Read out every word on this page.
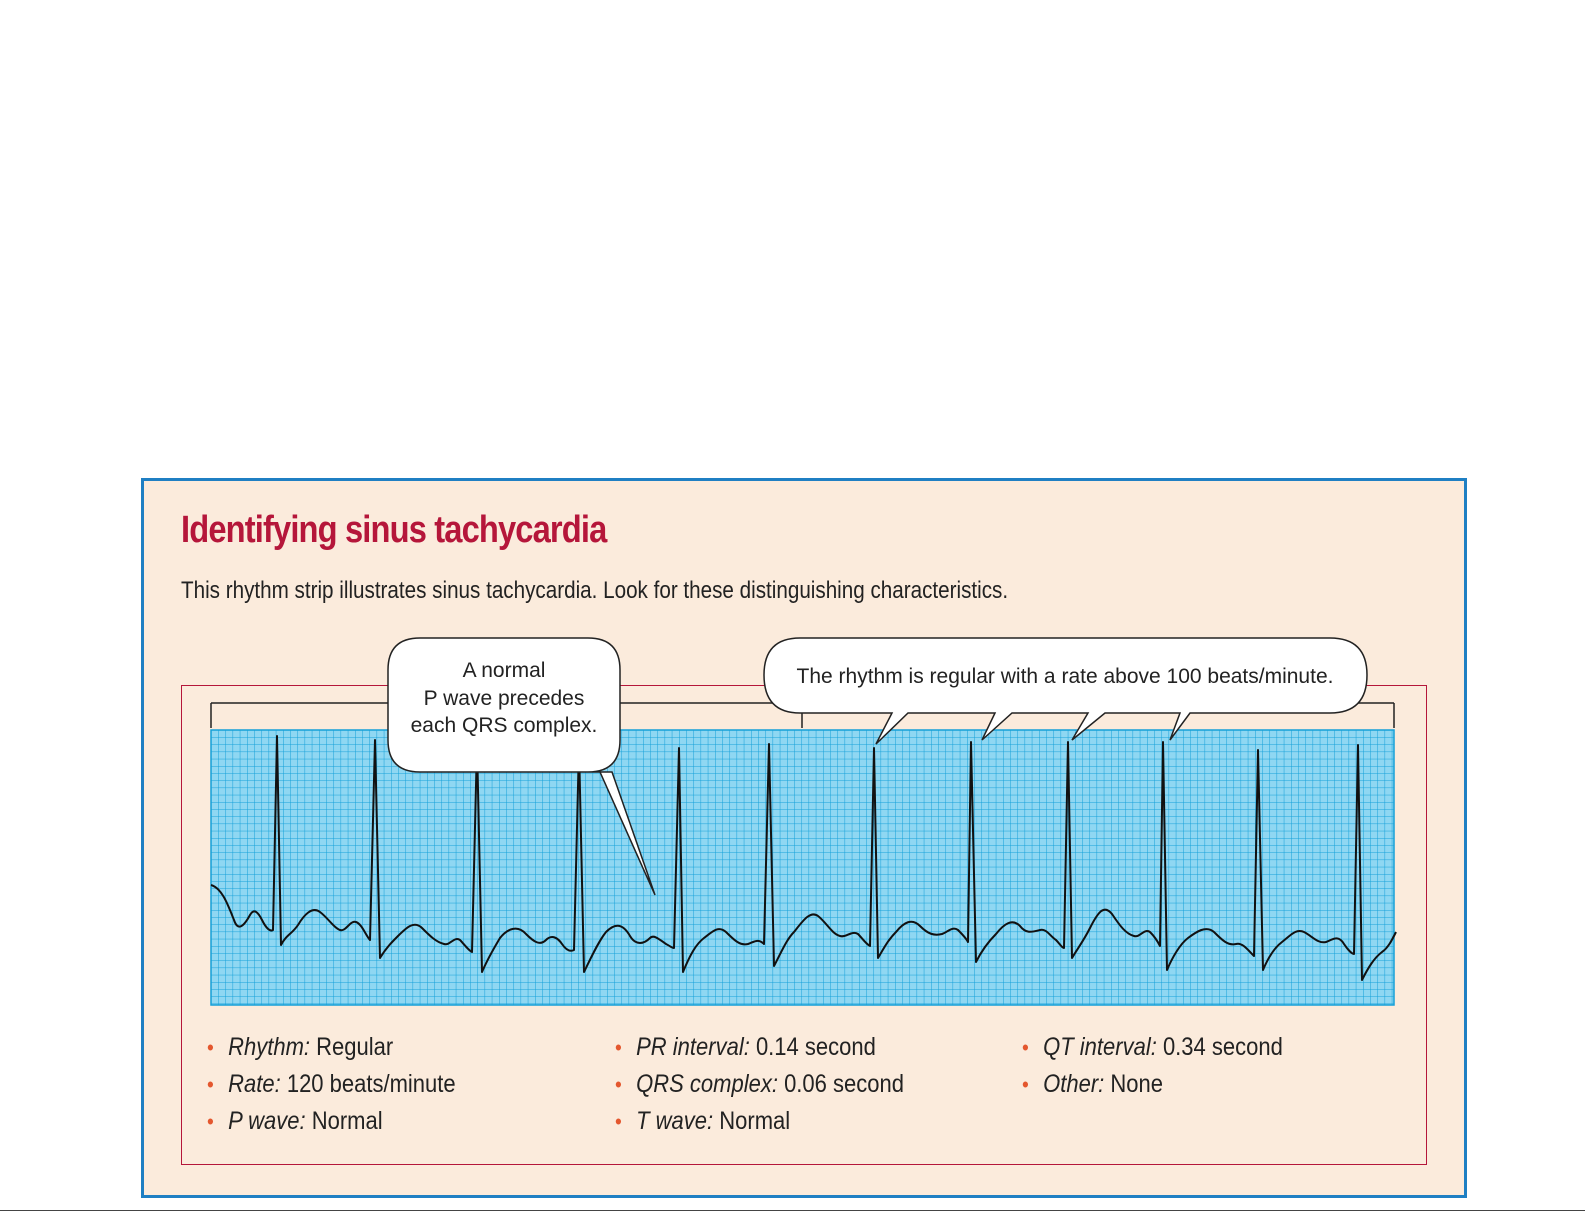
Identifying sinus tachycardia

This rhythm strip illustrates sinus tachycardia. Look for these distinguishing characteristics.

• Rhythm: Regular
• Rate: 120 beats/minute
• P wave: Normal
• PR interval: 0.14 second
• QRS complex: 0.06 second
• T wave: Normal
• QT interval: 0.34 second
• Other: None
A normal
P wave precedes
each QRS complex.
The rhythm is regular with a rate above 100 beats/minute.
